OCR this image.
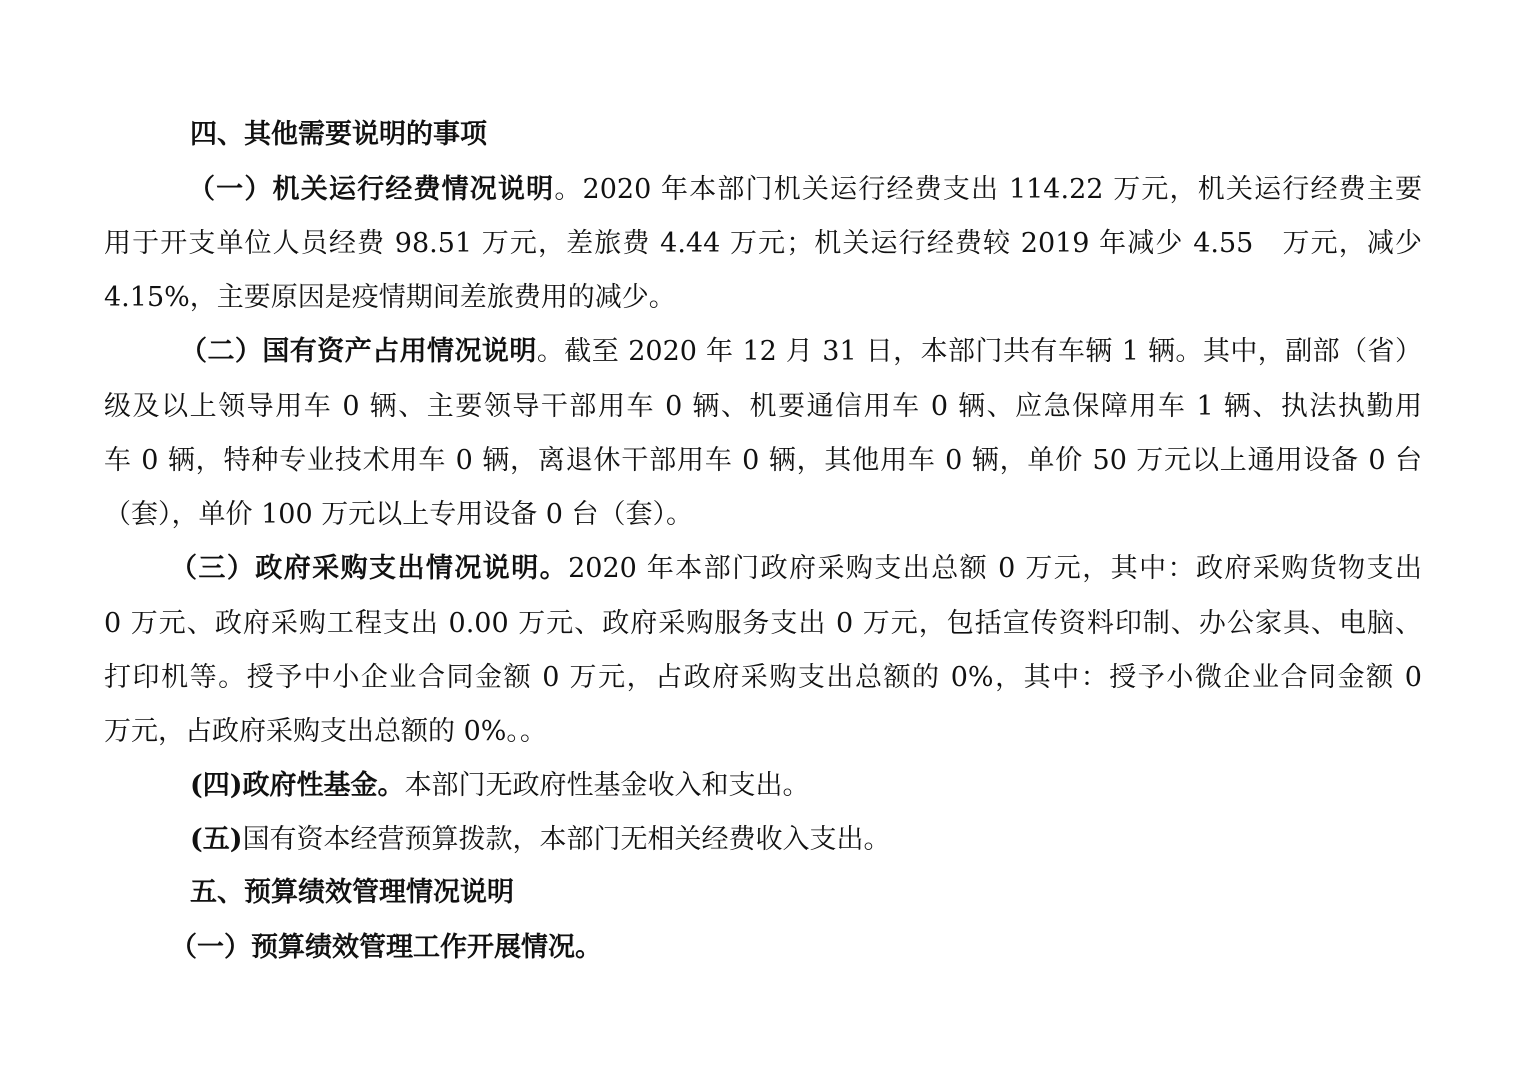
四、其他需要说明的事项
（一）机关运行经费情况说明。2020 年本部门机关运行经费支出 114.22 万元，机关运行经费主要
用于开支单位人员经费 98.51 万元，差旅费 4.44 万元；机关运行经费较 2019 年减少 4.55　万元，减少
4.15%，主要原因是疫情期间差旅费用的减少。
（二）国有资产占用情况说明。截至 2020 年 12 月 31 日，本部门共有车辆 1 辆。其中，副部（省）
级及以上领导用车 0 辆、主要领导干部用车 0 辆、机要通信用车 0 辆、应急保障用车 1 辆、执法执勤用
车 0 辆，特种专业技术用车 0 辆，离退休干部用车 0 辆，其他用车 0 辆，单价 50 万元以上通用设备 0 台
（套），单价 100 万元以上专用设备 0 台（套）。
（三）政府采购支出情况说明。2020 年本部门政府采购支出总额 0 万元，其中：政府采购货物支出
0 万元、政府采购工程支出 0.00 万元、政府采购服务支出 0 万元，包括宣传资料印制、办公家具、电脑、
打印机等。授予中小企业合同金额 0 万元，占政府采购支出总额的 0%，其中：授予小微企业合同金额 0
万元，占政府采购支出总额的 0%。。
(四)政府性基金。本部门无政府性基金收入和支出。
(五)国有资本经营预算拨款，本部门无相关经费收入支出。
五、预算绩效管理情况说明
（一）预算绩效管理工作开展情况。
